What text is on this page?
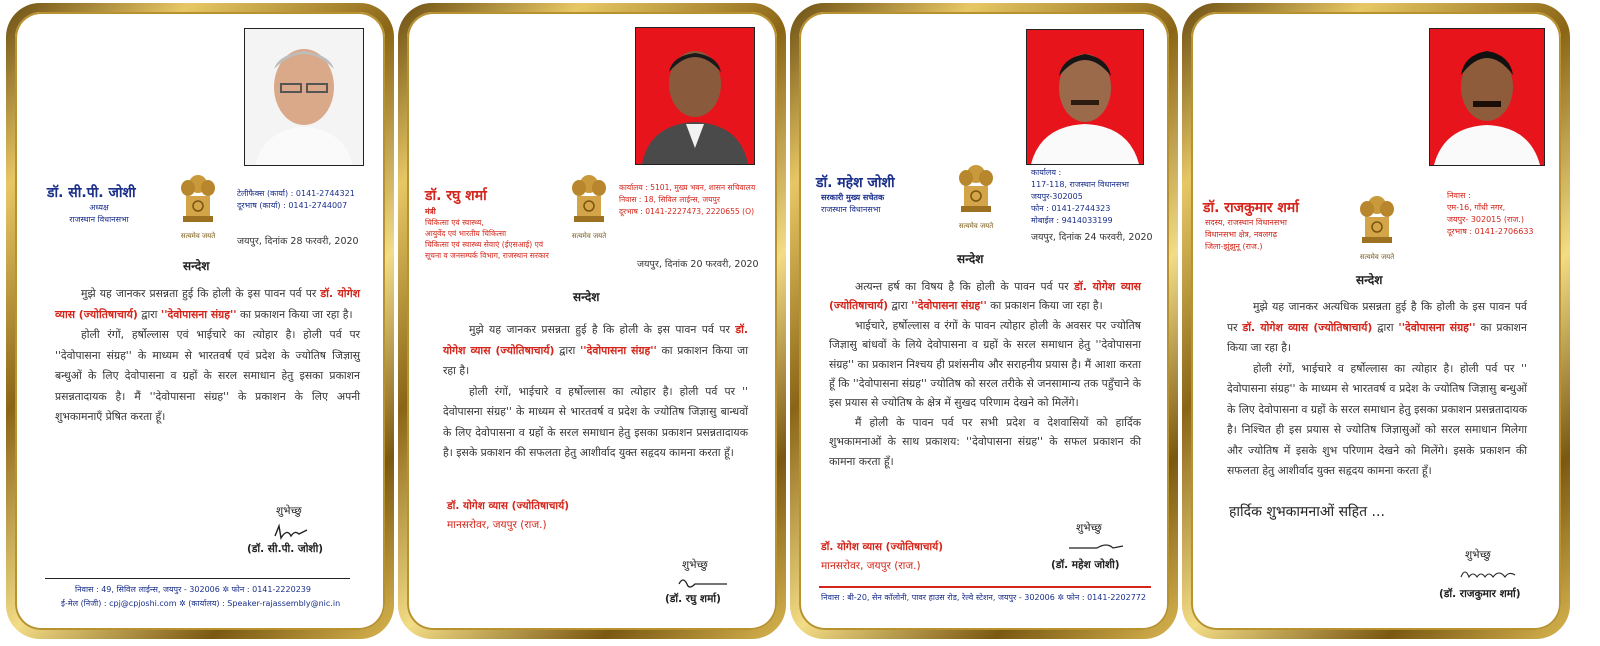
सत्यमेव जयते
डॉ. सी.पी. जोशी
अध्यक्ष
राजस्थान विधानसभा
टेलीफैक्स (कार्या) : 0141-2744321
दूरभाष (कार्या) : 0141-2744007
जयपुर, दिनांक 28 फरवरी, 2020
सन्देश

मुझे यह जानकर प्रसन्नता हुई कि होली के इस पावन पर्व पर डॉ. योगेश व्यास (ज्योतिषाचार्य) द्वारा ''देवोपासना संग्रह'' का प्रकाशन किया जा रहा है।

होली रंगों, हर्षोल्लास एवं भाईचारे का त्योहार है। होली पर्व पर ''देवोपासना संग्रह'' के माध्यम से भारतवर्ष एवं प्रदेश के ज्योतिष जिज्ञासु बन्धुओं के लिए देवोपासना व ग्रहों के सरल समाधान हेतु इसका प्रकाशन प्रसन्नतादायक है। मैं ''देवोपासना संग्रह'' के प्रकाशन के लिए अपनी शुभकामनाएँ प्रेषित करता हूँ।

शुभेच्छु
(डॉ. सी.पी. जोशी)
निवास : 49, सिविल लाईन्स, जयपुर - 302006 ✲ फोन : 0141-2220239
ई-मेल (निजी) : cpj@cpjoshi.com ✲ (कार्यालय) : Speaker-rajassembly@nic.in
सत्यमेव जयते
डॉ. रघु शर्मा
मंत्री
चिकित्सा एवं स्वास्थ्य,
आयुर्वेद एवं भारतीय चिकित्सा
चिकित्सा एवं स्वास्थ्य सेवाएं (ईएसआई) एवं
सूचना व जनसम्पर्क विभाग, राजस्थान सरकार
कार्यालय : 5101, मुख्य भवन, शासन सचिवालय
निवास : 18, सिविल लाईन्स, जयपुर
दूरभाष : 0141-2227473, 2220655 (O)
जयपुर, दिनांक 20 फरवरी, 2020
सन्देश

मुझे यह जानकर प्रसन्नता हुई है कि होली के इस पावन पर्व पर डॉ. योगेश व्यास (ज्योतिषाचार्य) द्वारा ''देवोपासना संग्रह'' का प्रकाशन किया जा रहा है।

होली रंगों, भाईचारे व हर्षोल्लास का त्योहार है। होली पर्व पर '' देवोपासना संग्रह'' के माध्यम से भारतवर्ष व प्रदेश के ज्योतिष जिज्ञासु बान्धवों के लिए देवोपासना व ग्रहों के सरल समाधान हेतु इसका प्रकाशन प्रसन्नतादायक है। इसके प्रकाशन की सफलता हेतु आशीर्वाद युक्त सहृदय कामना करता हूँ।

डॉ. योगेश व्यास (ज्योतिषाचार्य)
मानसरोवर, जयपुर (राज.)
शुभेच्छु
(डॉ. रघु शर्मा)
सत्यमेव जयते
डॉ. महेश जोशी
सरकारी मुख्य सचेतक
राजस्थान विधानसभा
कार्यालय :
117-118, राजस्थान विधानसभा
जयपुर-302005
फोन : 0141-2744323
मोबाईल : 9414033199
जयपुर, दिनांक 24 फरवरी, 2020
सन्देश

अत्यन्त हर्ष का विषय है कि होली के पावन पर्व पर डॉ. योगेश व्यास (ज्योतिषाचार्य) द्वारा ''देवोपासना संग्रह'' का प्रकाशन किया जा रहा है।

भाईचारे, हर्षोल्लास व रंगों के पावन त्योहार होली के अवसर पर ज्योतिष जिज्ञासु बांधवों के लिये देवोपासना व ग्रहों के सरल समाधान हेतु ''देवोपासना संग्रह'' का प्रकाशन निश्चय ही प्रशंसनीय और सराहनीय प्रयास है। मैं आशा करता हूँ कि ''देवोपासना संग्रह'' ज्योतिष को सरल तरीके से जनसामान्य तक पहुँचाने के इस प्रयास से ज्योतिष के क्षेत्र में सुखद परिणाम देखने को मिलेंगे।

मैं होली के पावन पर्व पर सभी प्रदेश व देशवासियों को हार्दिक शुभकामनाओं के साथ प्रकाशय: ''देवोपासना संग्रह'' के सफल प्रकाशन की कामना करता हूँ।

डॉ. योगेश व्यास (ज्योतिषाचार्य)
मानसरोवर, जयपुर (राज.)
शुभेच्छु
(डॉ. महेश जोशी)
निवास : बी-20, सेन कॉलोनी, पावर हाउस रोड, रेल्वे स्टेशन, जयपुर - 302006 ✲ फोन : 0141-2202772
सत्यमेव जयते
डॉ. राजकुमार शर्मा
सदस्य, राजस्थान विधानसभा
विधानसभा क्षेत्र, नवलगढ़
जिला-झुंझुनू (राज.)
निवास :
एम-16, गाँधी नगर,
जयपुर- 302015 (राज.)
दूरभाष : 0141-2706633
सन्देश

मुझे यह जानकर अत्यधिक प्रसन्नता हुई है कि होली के इस पावन पर्व पर डॉ. योगेश व्यास (ज्योतिषाचार्य) द्वारा ''देवोपासना संग्रह'' का प्रकाशन किया जा रहा है।

होली रंगों, भाईचारे व हर्षोल्लास का त्योहार है। होली पर्व पर '' देवोपासना संग्रह'' के माध्यम से भारतवर्ष व प्रदेश के ज्योतिष जिज्ञासु बन्धुओं के लिए देवोपासना व ग्रहों के सरल समाधान हेतु इसका प्रकाशन प्रसन्नतादायक है। निश्चित ही इस प्रयास से ज्योतिष जिज्ञासुओं को सरल समाधान मिलेगा और ज्योतिष में इसके शुभ परिणाम देखने को मिलेंगे। इसके प्रकाशन की सफलता हेतु आशीर्वाद युक्त सहृदय कामना करता हूँ।

हार्दिक शुभकामनाओं सहित ...
शुभेच्छु
(डॉ. राजकुमार शर्मा)
